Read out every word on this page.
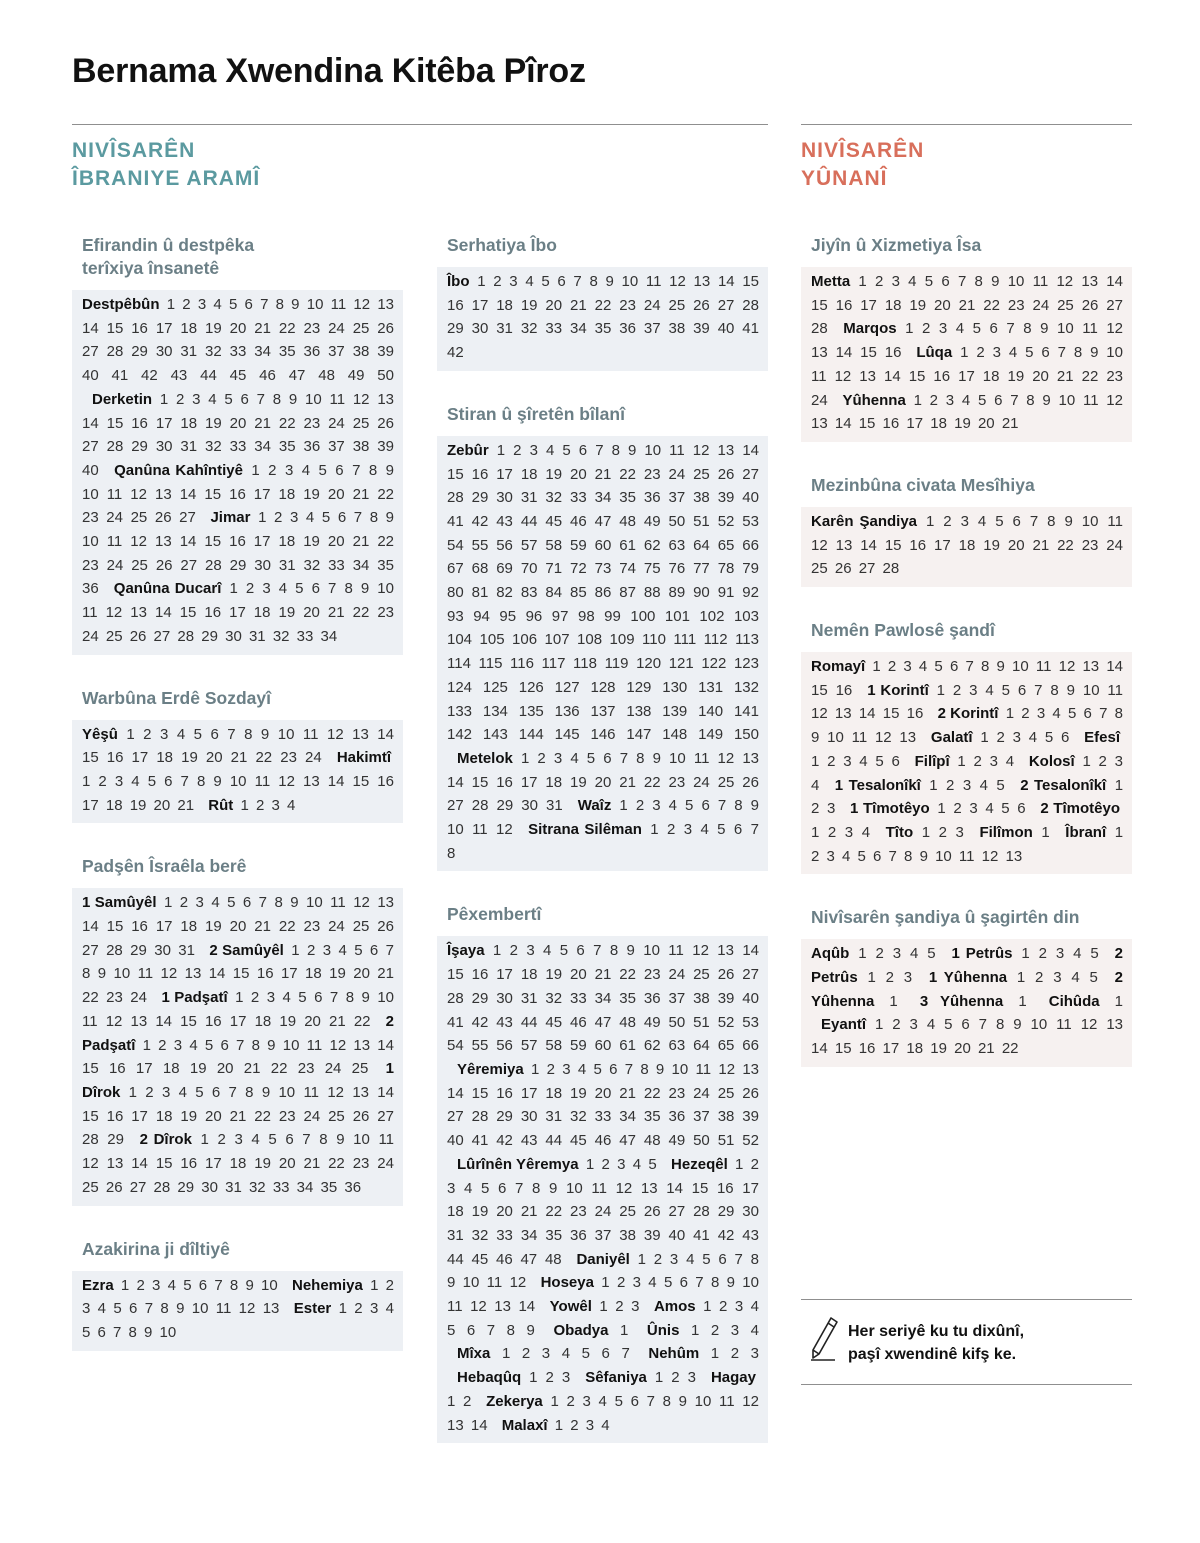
Bernama Xwendina Kitêba Pîroz
NIVÎSARÊN
ÎBRANIYE ARAMÎ
NIVÎSARÊN
YÛNANÎ
Efirandin û destpêka
terîxiya însanetê
Destpêbûn 1 2 3 4 5 6 7 8 9 10 11 12 13 14 15 16 17 18 19 20 21 22 23 24 25 26 27 28 29 30 31 32 33 34 35 36 37 38 39 40 41 42 43 44 45 46 47 48 49 50 Derketin 1 2 3 4 5 6 7 8 9 10 11 12 13 14 15 16 17 18 19 20 21 22 23 24 25 26 27 28 29 30 31 32 33 34 35 36 37 38 39 40 Qanûna Kahîntiyê 1 2 3 4 5 6 7 8 9 10 11 12 13 14 15 16 17 18 19 20 21 22 23 24 25 26 27 Jimar 1 2 3 4 5 6 7 8 9 10 11 12 13 14 15 16 17 18 19 20 21 22 23 24 25 26 27 28 29 30 31 32 33 34 35 36 Qanûna Ducarî 1 2 3 4 5 6 7 8 9 10 11 12 13 14 15 16 17 18 19 20 21 22 23 24 25 26 27 28 29 30 31 32 33 34
Warbûna Erdê Sozdayî
Yêşû 1 2 3 4 5 6 7 8 9 10 11 12 13 14 15 16 17 18 19 20 21 22 23 24 Hakimtî 1 2 3 4 5 6 7 8 9 10 11 12 13 14 15 16 17 18 19 20 21 Rût 1 2 3 4
Padşên Îsraêla berê
1 Samûyêl 1 2 3 4 5 6 7 8 9 10 11 12 13 14 15 16 17 18 19 20 21 22 23 24 25 26 27 28 29 30 31 2 Samûyêl 1 2 3 4 5 6 7 8 9 10 11 12 13 14 15 16 17 18 19 20 21 22 23 24 1 Padşatî 1 2 3 4 5 6 7 8 9 10 11 12 13 14 15 16 17 18 19 20 21 22 2 Padşatî 1 2 3 4 5 6 7 8 9 10 11 12 13 14 15 16 17 18 19 20 21 22 23 24 25 1 Dîrok 1 2 3 4 5 6 7 8 9 10 11 12 13 14 15 16 17 18 19 20 21 22 23 24 25 26 27 28 29 2 Dîrok 1 2 3 4 5 6 7 8 9 10 11 12 13 14 15 16 17 18 19 20 21 22 23 24 25 26 27 28 29 30 31 32 33 34 35 36
Azakirina ji dîltiyê
Ezra 1 2 3 4 5 6 7 8 9 10 Nehemiya 1 2 3 4 5 6 7 8 9 10 11 12 13 Ester 1 2 3 4 5 6 7 8 9 10
Serhatiya Îbo
Îbo 1 2 3 4 5 6 7 8 9 10 11 12 13 14 15 16 17 18 19 20 21 22 23 24 25 26 27 28 29 30 31 32 33 34 35 36 37 38 39 40 41 42
Stiran û şîretên bîlanî
Zebûr 1 2 3 4 5 6 7 8 9 10 11 12 13 14 15 16 17 18 19 20 21 22 23 24 25 26 27 28 29 30 31 32 33 34 35 36 37 38 39 40 41 42 43 44 45 46 47 48 49 50 51 52 53 54 55 56 57 58 59 60 61 62 63 64 65 66 67 68 69 70 71 72 73 74 75 76 77 78 79 80 81 82 83 84 85 86 87 88 89 90 91 92 93 94 95 96 97 98 99 100 101 102 103 104 105 106 107 108 109 110 111 112 113 114 115 116 117 118 119 120 121 122 123 124 125 126 127 128 129 130 131 132 133 134 135 136 137 138 139 140 141 142 143 144 145 146 147 148 149 150 Metelok 1 2 3 4 5 6 7 8 9 10 11 12 13 14 15 16 17 18 19 20 21 22 23 24 25 26 27 28 29 30 31 Waîz 1 2 3 4 5 6 7 8 9 10 11 12 Sitrana Silêman 1 2 3 4 5 6 7 8
Pêxembertî
Îşaya 1 2 3 4 5 6 7 8 9 10 11 12 13 14 15 16 17 18 19 20 21 22 23 24 25 26 27 28 29 30 31 32 33 34 35 36 37 38 39 40 41 42 43 44 45 46 47 48 49 50 51 52 53 54 55 56 57 58 59 60 61 62 63 64 65 66 Yêremiya 1 2 3 4 5 6 7 8 9 10 11 12 13 14 15 16 17 18 19 20 21 22 23 24 25 26 27 28 29 30 31 32 33 34 35 36 37 38 39 40 41 42 43 44 45 46 47 48 49 50 51 52 Lûrînên Yêremya 1 2 3 4 5 Hezeqêl 1 2 3 4 5 6 7 8 9 10 11 12 13 14 15 16 17 18 19 20 21 22 23 24 25 26 27 28 29 30 31 32 33 34 35 36 37 38 39 40 41 42 43 44 45 46 47 48 Daniyêl 1 2 3 4 5 6 7 8 9 10 11 12 Hoseya 1 2 3 4 5 6 7 8 9 10 11 12 13 14 Yowêl 1 2 3 Amos 1 2 3 4 5 6 7 8 9 Obadya 1 Ûnis 1 2 3 4 Mîxa 1 2 3 4 5 6 7 Nehûm 1 2 3 Hebaqûq 1 2 3 Sêfaniya 1 2 3 Hagay 1 2 Zekerya 1 2 3 4 5 6 7 8 9 10 11 12 13 14 Malaxî 1 2 3 4
Jiyîn û Xizmetiya Îsa
Metta 1 2 3 4 5 6 7 8 9 10 11 12 13 14 15 16 17 18 19 20 21 22 23 24 25 26 27 28 Marqos 1 2 3 4 5 6 7 8 9 10 11 12 13 14 15 16 Lûqa 1 2 3 4 5 6 7 8 9 10 11 12 13 14 15 16 17 18 19 20 21 22 23 24 Yûhenna 1 2 3 4 5 6 7 8 9 10 11 12 13 14 15 16 17 18 19 20 21
Mezinbûna civata Mesîhiya
Karên Şandiya 1 2 3 4 5 6 7 8 9 10 11 12 13 14 15 16 17 18 19 20 21 22 23 24 25 26 27 28
Nemên Pawlosê şandî
Romayî 1 2 3 4 5 6 7 8 9 10 11 12 13 14 15 16 1 Korintî 1 2 3 4 5 6 7 8 9 10 11 12 13 14 15 16 2 Korintî 1 2 3 4 5 6 7 8 9 10 11 12 13 Galatî 1 2 3 4 5 6 Efesî 1 2 3 4 5 6 Filîpî 1 2 3 4 Kolosî 1 2 3 4 1 Tesalonîkî 1 2 3 4 5 2 Tesalonîkî 1 2 3 1 Tîmotêyo 1 2 3 4 5 6 2 Tîmotêyo 1 2 3 4 Tîto 1 2 3 Filîmon 1 Îbranî 1 2 3 4 5 6 7 8 9 10 11 12 13
Nivîsarên şandiya û şagirtên din
Aqûb 1 2 3 4 5 1 Petrûs 1 2 3 4 5 2 Petrûs 1 2 3 1 Yûhenna 1 2 3 4 5 2 Yûhenna 1 3 Yûhenna 1 Cihûda 1 Eyantî 1 2 3 4 5 6 7 8 9 10 11 12 13 14 15 16 17 18 19 20 21 22
Her seriyê ku tu dixûnî,
paşî xwendinê kifş ke.
